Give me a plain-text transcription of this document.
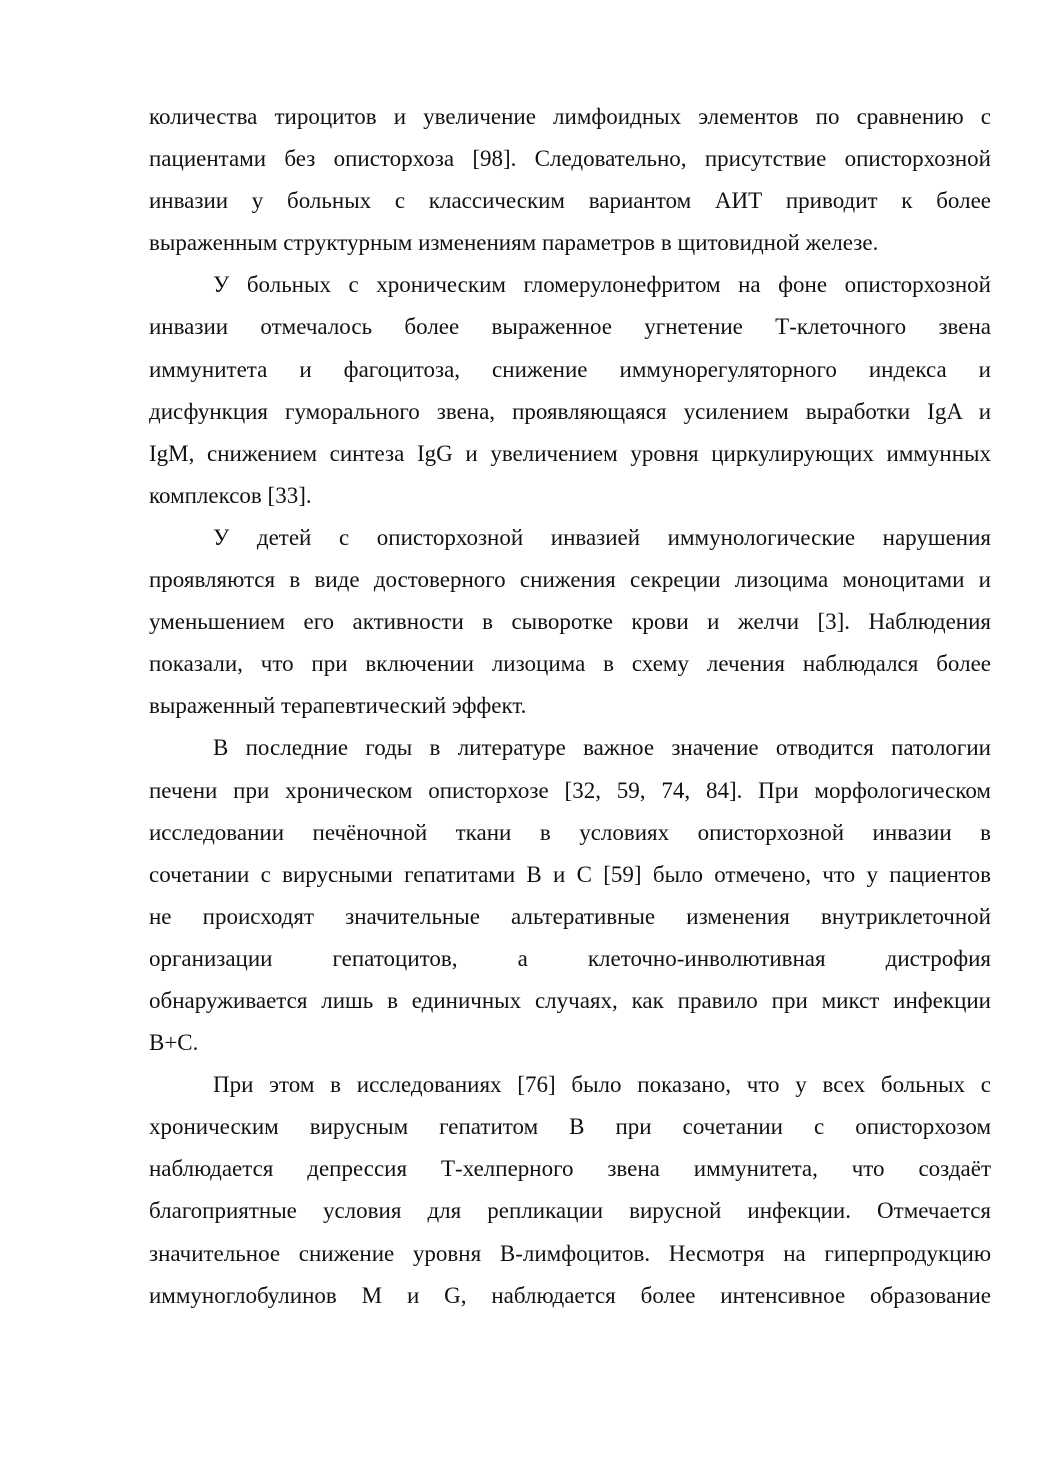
количества тироцитов и увеличение лимфоидных элементов по сравнению с
пациентами без описторхоза [98]. Следовательно, присутствие описторхозной
инвазии у больных с классическим вариантом АИТ приводит к более
выраженным структурным изменениям параметров в щитовидной железе.
У больных с хроническим гломерулонефритом на фоне описторхозной
инвазии отмечалось более выраженное угнетение Т-клеточного звена
иммунитета и фагоцитоза, снижение иммунорегуляторного индекса и
дисфункция гуморального звена, проявляющаяся усилением выработки IgA и
IgM, снижением синтеза IgG и увеличением уровня циркулирующих иммунных
комплексов [33].
У детей с описторхозной инвазией иммунологические нарушения
проявляются в виде достоверного снижения секреции лизоцима моноцитами и
уменьшением его активности в сыворотке крови и желчи [3]. Наблюдения
показали, что при включении лизоцима в схему лечения наблюдался более
выраженный терапевтический эффект.
В последние годы в литературе важное значение отводится патологии
печени при хроническом описторхозе [32, 59, 74, 84]. При морфологическом
исследовании печёночной ткани в условиях описторхозной инвазии в
сочетании с вирусными гепатитами B и C [59] было отмечено, что у пациентов
не происходят значительные альтеративные изменения внутриклеточной
организации гепатоцитов, а клеточно-инволютивная дистрофия
обнаруживается лишь в единичных случаях, как правило при микст инфекции
B+C.
При этом в исследованиях [76] было показано, что у всех больных с
хроническим вирусным гепатитом B при сочетании с описторхозом
наблюдается депрессия Т-хелперного звена иммунитета, что создаёт
благоприятные условия для репликации вирусной инфекции. Отмечается
значительное снижение уровня B-лимфоцитов. Несмотря на гиперпродукцию
иммуноглобулинов M и G, наблюдается более интенсивное образование
